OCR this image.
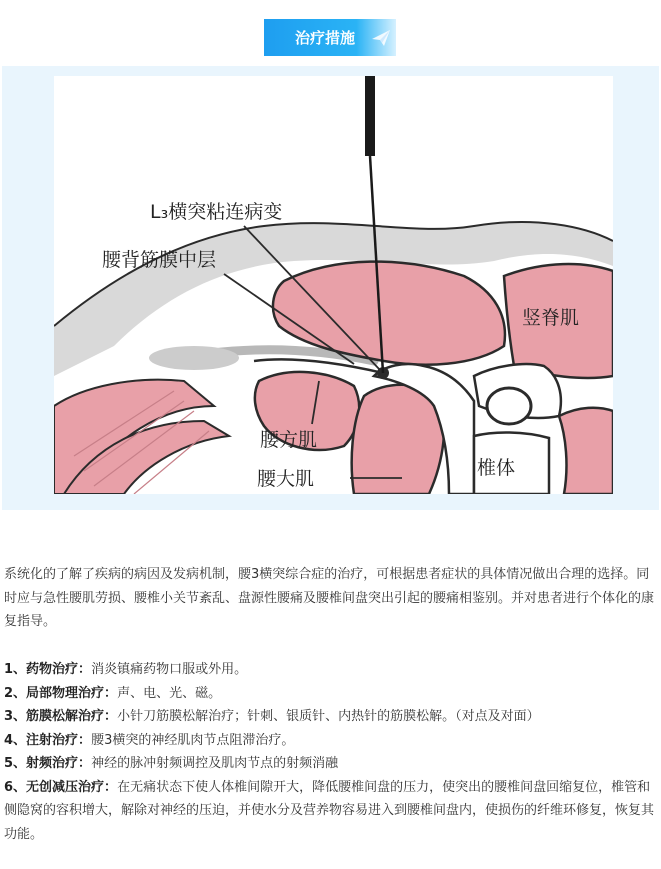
治疗措施
L₃横突粘连病变
腰背筋膜中层
竖脊肌
腰方肌
椎体
腰大肌
系统化的了解了疾病的病因及发病机制，腰3横突综合症的治疗，可根据患者症状的具体情况做出合理的选择。同时应与急性腰肌劳损、腰椎小关节紊乱、盘源性腰痛及腰椎间盘突出引起的腰痛相鉴别。并对患者进行个体化的康复指导。
1、药物治疗：消炎镇痛药物口服或外用。
2、局部物理治疗：声、电、光、磁。
3、筋膜松解治疗：小针刀筋膜松解治疗；针刺、银质针、内热针的筋膜松解。（对点及对面）
4、注射治疗：腰3横突的神经肌肉节点阻滞治疗。
5、射频治疗：神经的脉冲射频调控及肌肉节点的射频消融
6、无创减压治疗：在无痛状态下使人体椎间隙开大，降低腰椎间盘的压力，使突出的腰椎间盘回缩复位，椎管和侧隐窝的容积增大，解除对神经的压迫，并使水分及营养物容易进入到腰椎间盘内，使损伤的纤维环修复，恢复其功能。
